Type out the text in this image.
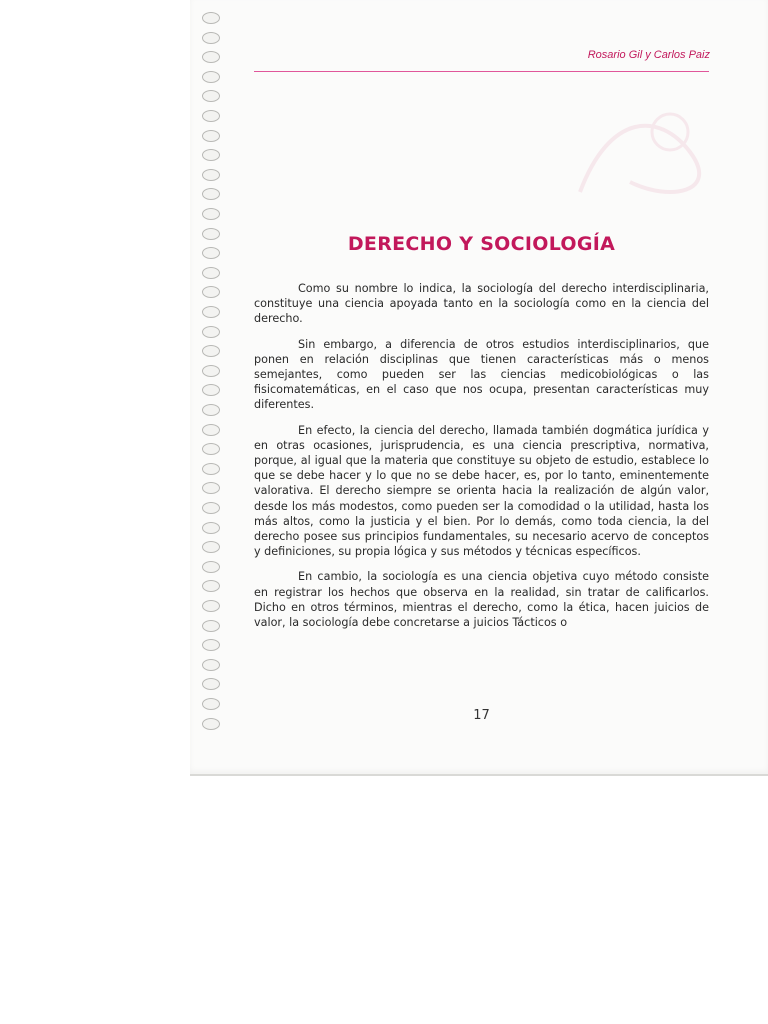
Rosario Gil y Carlos Paiz
DERECHO Y SOCIOLOGÍA

Como su nombre lo indica, la sociología del derecho interdisciplinaria, constituye una ciencia apoyada tanto en la sociología como en la ciencia del derecho.

Sin embargo, a diferencia de otros estudios interdisciplinarios, que ponen en relación disciplinas que tienen características más o menos semejantes, como pueden ser las ciencias medicobiológicas o las fisicomatemáticas, en el caso que nos ocupa, presentan características muy diferentes.

En efecto, la ciencia del derecho, llamada también dogmática jurídica y en otras ocasiones, jurisprudencia, es una ciencia prescriptiva, normativa, porque, al igual que la materia que constituye su objeto de estudio, establece lo que se debe hacer y lo que no se debe hacer, es, por lo tanto, eminentemente valorativa. El derecho siempre se orienta hacia la realización de algún valor, desde los más modestos, como pueden ser la comodidad o la utilidad, hasta los más altos, como la justicia y el bien. Por lo demás, como toda ciencia, la del derecho posee sus principios fundamentales, su necesario acervo de conceptos y definiciones, su propia lógica y sus métodos y técnicas específicos.

En cambio, la sociología es una ciencia objetiva cuyo método consiste en registrar los hechos que observa en la realidad, sin tratar de calificarlos. Dicho en otros términos, mientras el derecho, como la ética, hacen juicios de valor, la sociología debe concretarse a juicios Tácticos o

17
